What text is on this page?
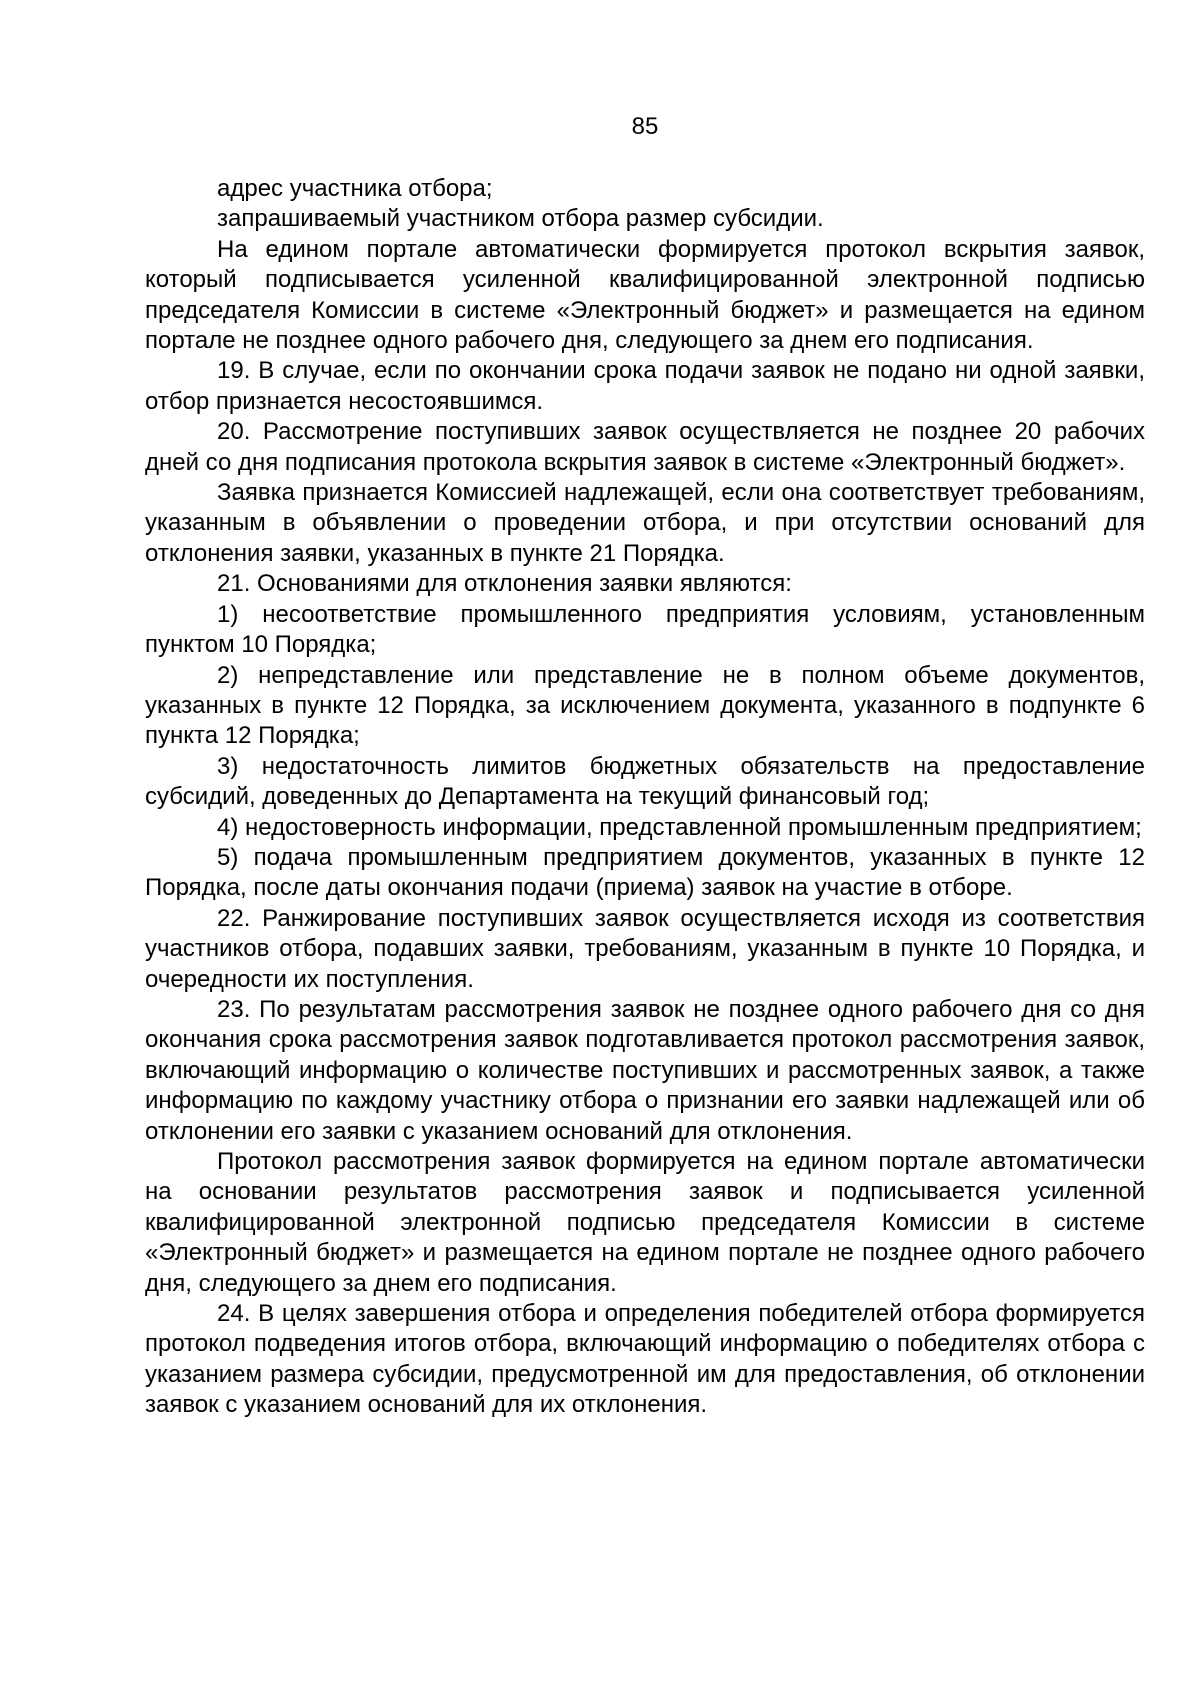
85

адрес участника отбора;

запрашиваемый участником отбора размер субсидии.

На едином портале автоматически формируется протокол вскрытия заявок, который подписывается усиленной квалифицированной электронной подписью председателя Комиссии в системе «Электронный бюджет» и размещается на едином портале не позднее одного рабочего дня, следующего за днем его подписания.

19. В случае, если по окончании срока подачи заявок не подано ни одной заявки, отбор признается несостоявшимся.

20. Рассмотрение поступивших заявок осуществляется не позднее 20 рабочих дней со дня подписания протокола вскрытия заявок в системе «Электронный бюджет».

Заявка признается Комиссией надлежащей, если она соответствует требованиям, указанным в объявлении о проведении отбора, и при отсутствии оснований для отклонения заявки, указанных в пункте 21 Порядка.

21. Основаниями для отклонения заявки являются:

1) несоответствие промышленного предприятия условиям, установленным пунктом 10 Порядка;

2) непредставление или представление не в полном объеме документов, указанных в пункте 12 Порядка, за исключением документа, указанного в подпункте 6 пункта 12 Порядка;

3) недостаточность лимитов бюджетных обязательств на предоставление субсидий, доведенных до Департамента на текущий финансовый год;

4) недостоверность информации, представленной промышленным предприятием;

5) подача промышленным предприятием документов, указанных в пункте 12 Порядка, после даты окончания подачи (приема) заявок на участие в отборе.

22. Ранжирование поступивших заявок осуществляется исходя из соответствия участников отбора, подавших заявки, требованиям, указанным в пункте 10 Порядка, и очередности их поступления.

23. По результатам рассмотрения заявок не позднее одного рабочего дня со дня окончания срока рассмотрения заявок подготавливается протокол рассмотрения заявок, включающий информацию о количестве поступивших и рассмотренных заявок, а также информацию по каждому участнику отбора о признании его заявки надлежащей или об отклонении его заявки с указанием оснований для отклонения.

Протокол рассмотрения заявок формируется на едином портале автоматически на основании результатов рассмотрения заявок и подписывается усиленной квалифицированной электронной подписью председателя Комиссии в системе «Электронный бюджет» и размещается на едином портале не позднее одного рабочего дня, следующего за днем его подписания.

24. В целях завершения отбора и определения победителей отбора формируется протокол подведения итогов отбора, включающий информацию о победителях отбора с указанием размера субсидии, предусмотренной им для предоставления, об отклонении заявок с указанием оснований для их отклонения.
